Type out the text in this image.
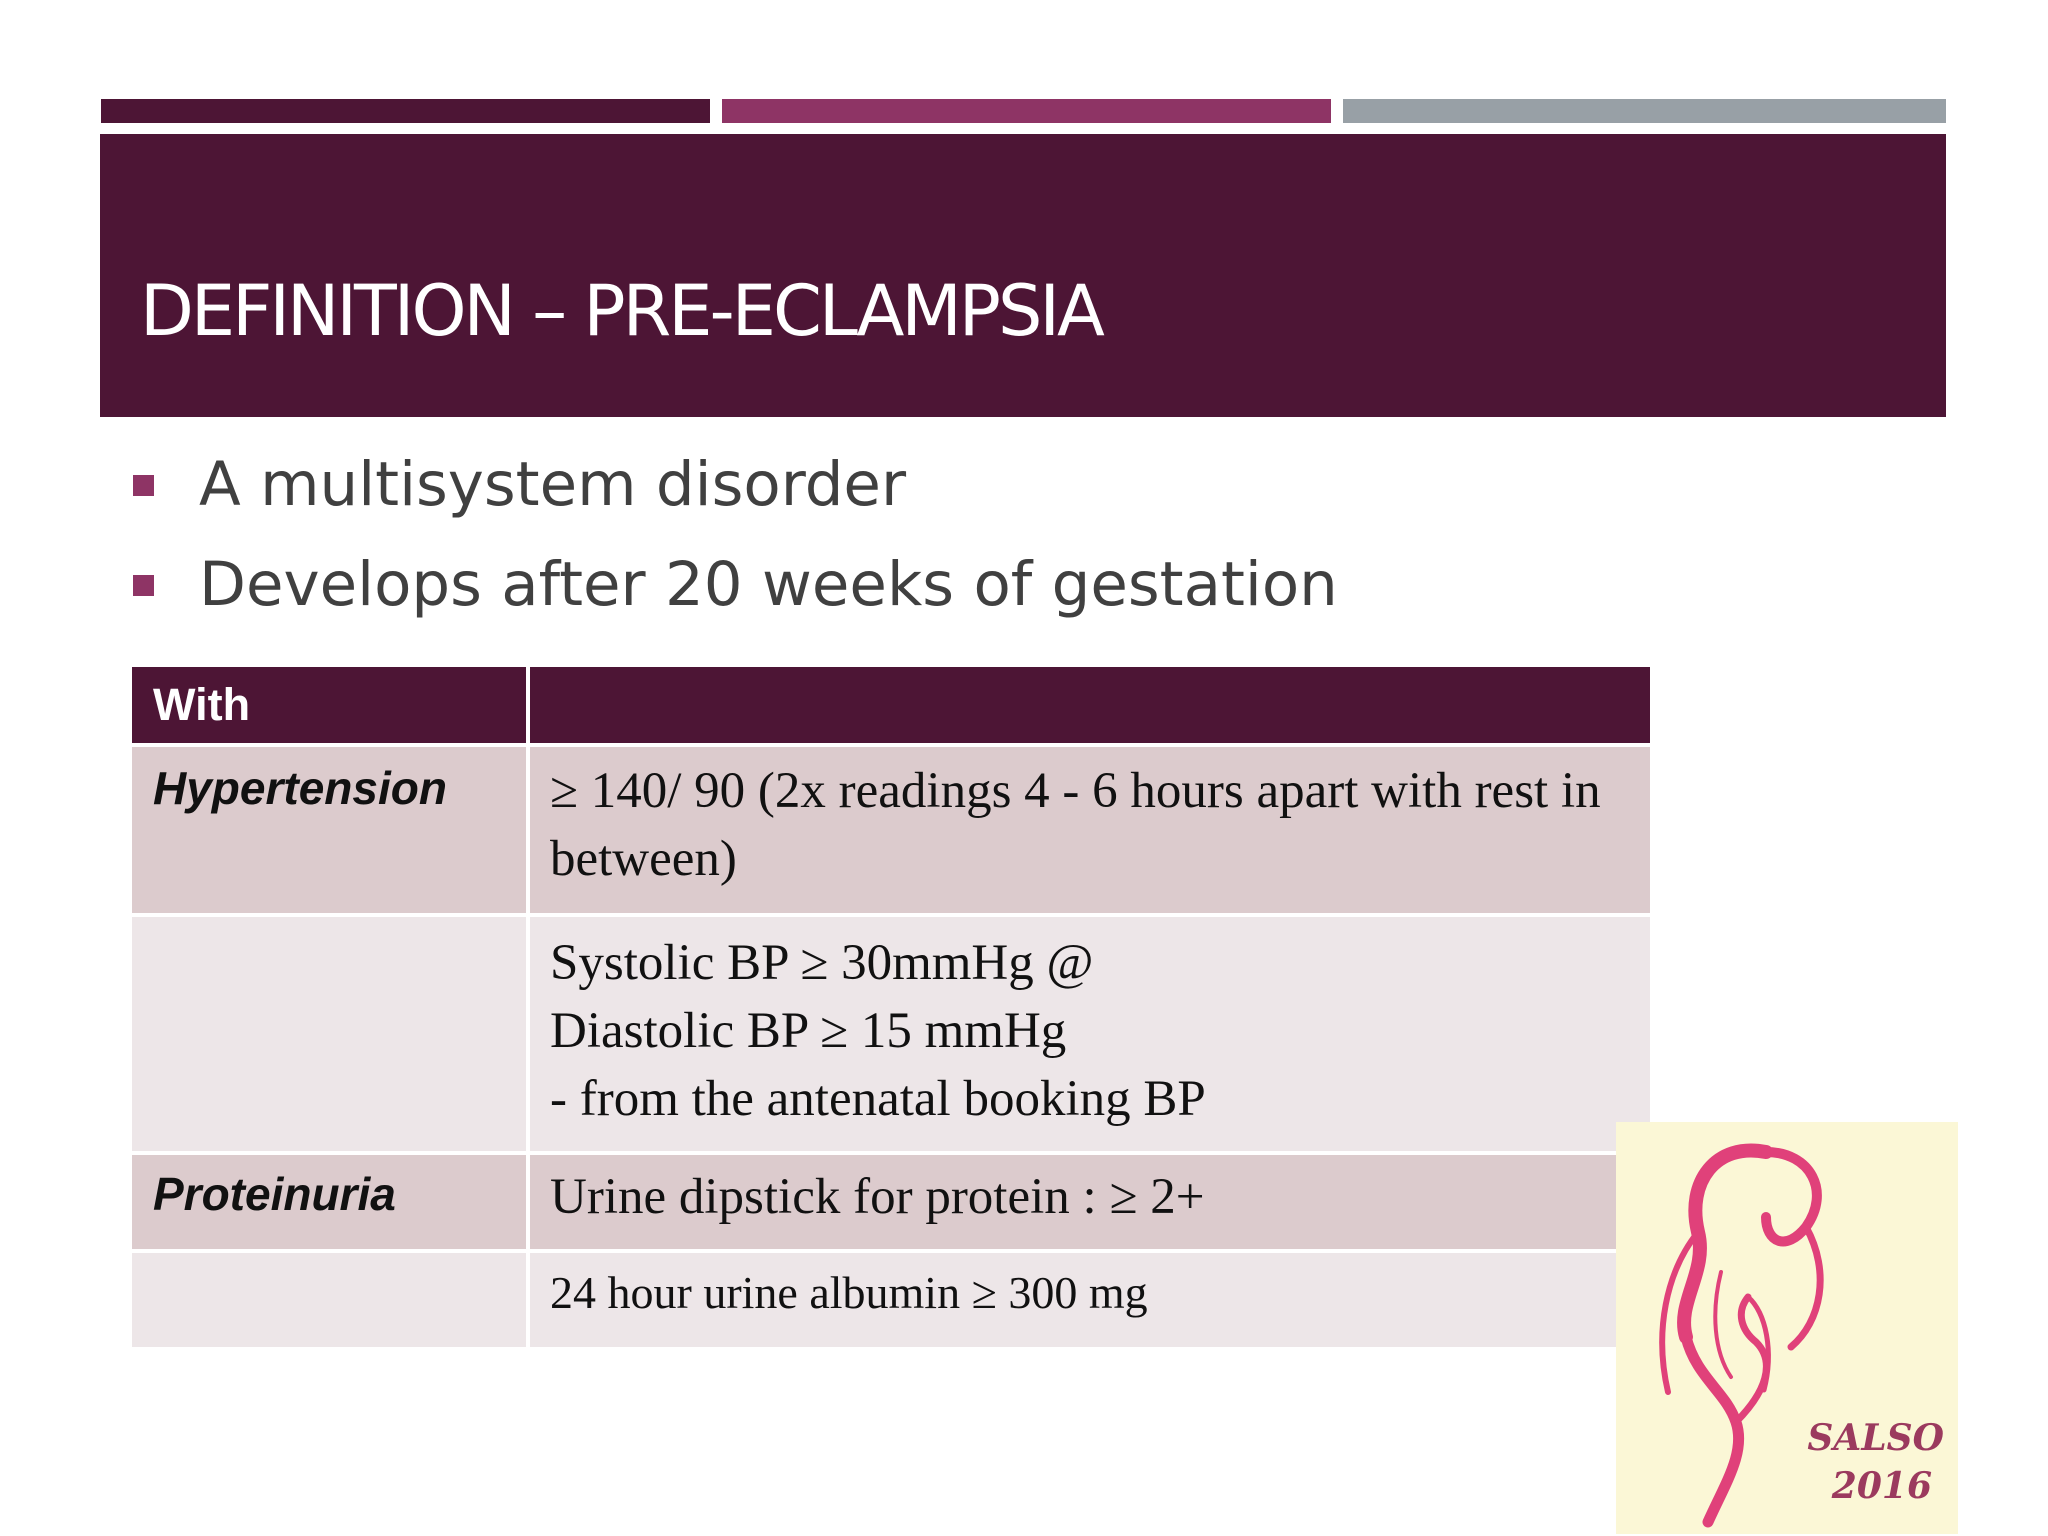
DEFINITION – PRE-ECLAMPSIA
A multisystem disorder
Develops after 20 weeks of gestation
With	
Hypertension	≥ 140/ 90 (2x readings 4 - 6 hours apart with rest in between)

	Systolic BP ≥ 30mmHg @
Diastolic BP ≥ 15 mmHg
- from the antenatal booking BP

Proteinuria	Urine dipstick for protein : ≥ 2+

	24 hour urine albumin ≥ 300 mg
SALSO
2016
